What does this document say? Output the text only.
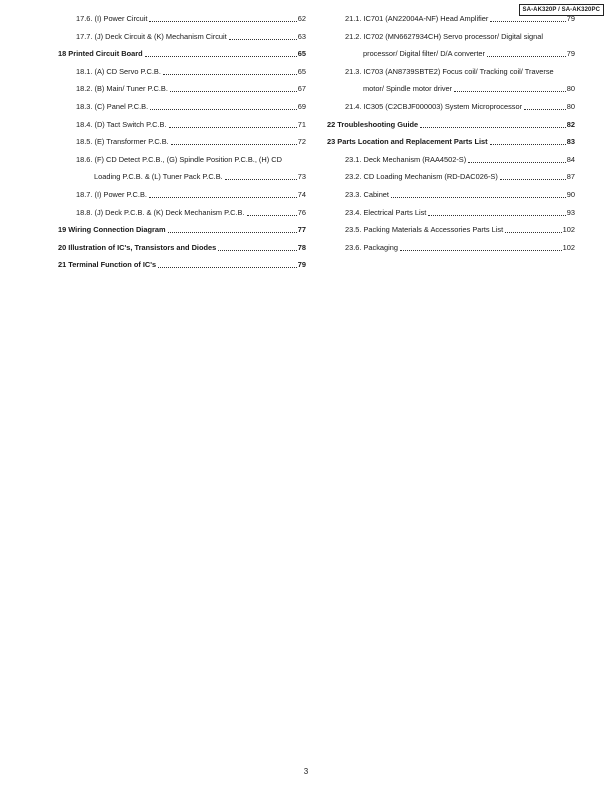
SA-AK320P / SA-AK320PC
17.6. (I) Power Circuit	62
17.7. (J) Deck Circuit & (K) Mechanism Circuit	63
18 Printed Circuit Board	65
18.1. (A) CD Servo P.C.B.	65
18.2. (B) Main/ Tuner P.C.B.	67
18.3. (C) Panel P.C.B.	69
18.4. (D) Tact Switch P.C.B.	71
18.5. (E) Transformer P.C.B.	72
18.6. (F) CD Detect P.C.B., (G) Spindle Position P.C.B., (H) CD
Loading P.C.B. & (L) Tuner Pack P.C.B.	73
18.7. (I) Power P.C.B.	74
18.8. (J) Deck P.C.B. & (K) Deck Mechanism P.C.B.	76
19 Wiring Connection Diagram	77
20 Illustration of IC's, Transistors and Diodes	78
21 Terminal Function of IC's	79
21.1. IC701 (AN22004A-NF) Head Amplifier	79
21.2. IC702 (MN6627934CH) Servo processor/ Digital signal
processor/ Digital filter/ D/A converter	79
21.3. IC703 (AN8739SBTE2) Focus coil/ Tracking coil/ Traverse
motor/ Spindle motor driver	80
21.4. IC305 (C2CBJF000003) System Microprocessor	80
22 Troubleshooting Guide	82
23 Parts Location and Replacement Parts List	83
23.1. Deck Mechanism (RAA4502-S)	84
23.2. CD Loading Mechanism (RD-DAC026-S)	87
23.3. Cabinet	90
23.4. Electrical Parts List	93
23.5. Packing Materials & Accessories Parts List	102
23.6. Packaging	102
3
